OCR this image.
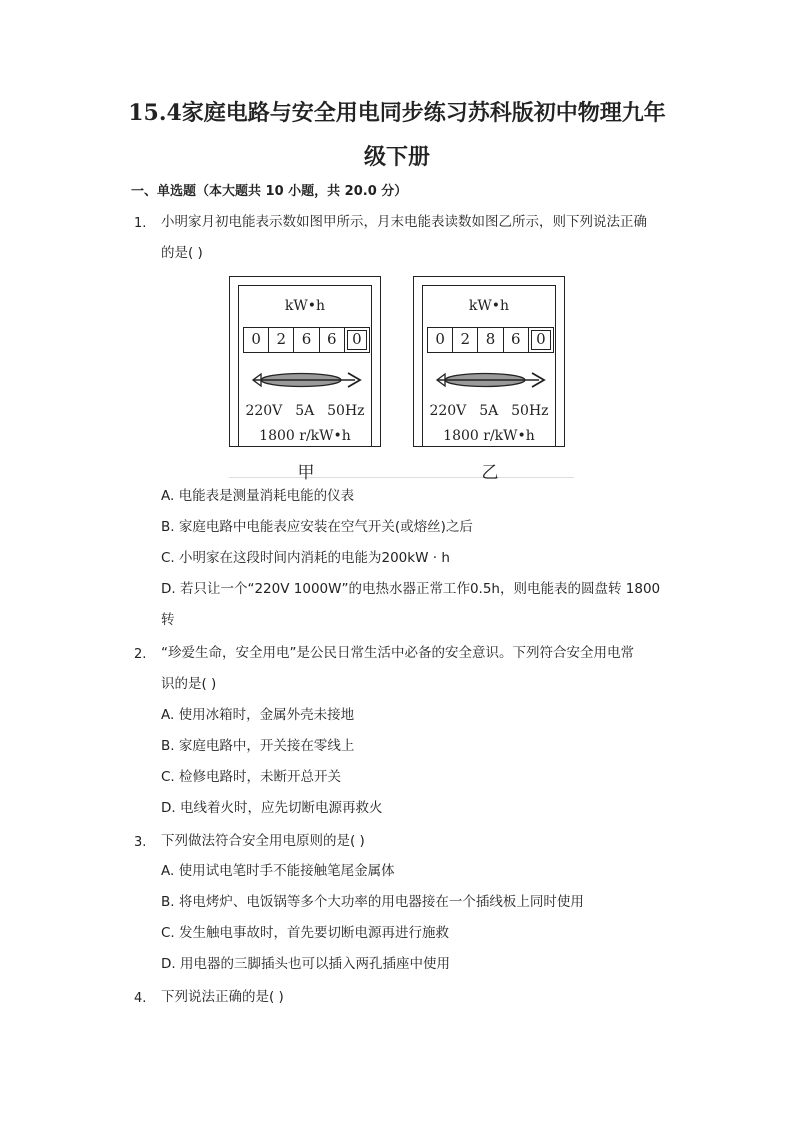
15.4家庭电路与安全用电同步练习苏科版初中物理九年
级下册
一、单选题（本大题共 10 小题，共 20.0 分）
1. 小明家月初电能表示数如图甲所示，月末电能表读数如图乙所示，则下列说法正确
的是( )
kW•h
0	2	6	6	0
220V 5A 50Hz
1800 r/kW•h
kW•h
0	2	8	6	0
220V 5A 50Hz
1800 r/kW•h
甲	乙
A. 电能表是测量消耗电能的仪表
B. 家庭电路中电能表应安装在空气开关(或熔丝)之后
C. 小明家在这段时间内消耗的电能为200kW · h
D. 若只让一个“220V 1000W”的电热水器正常工作0.5h，则电能表的圆盘转 1800
转
2. “珍爱生命，安全用电”是公民日常生活中必备的安全意识。下列符合安全用电常
识的是( )
A. 使用冰箱时，金属外壳未接地
B. 家庭电路中，开关接在零线上
C. 检修电路时，未断开总开关
D. 电线着火时，应先切断电源再救火
3. 下列做法符合安全用电原则的是( )
A. 使用试电笔时手不能接触笔尾金属体
B. 将电烤炉、电饭锅等多个大功率的用电器接在一个插线板上同时使用
C. 发生触电事故时，首先要切断电源再进行施救
D. 用电器的三脚插头也可以插入两孔插座中使用
4. 下列说法正确的是( )
